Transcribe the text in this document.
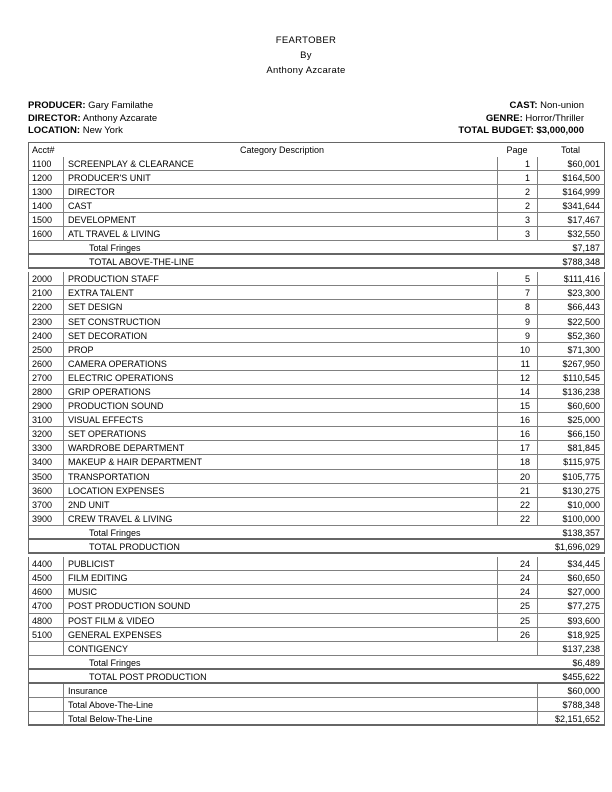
FEARTOBER
By
Anthony Azcarate
PRODUCER: Gary Familathe
DIRECTOR: Anthony Azcarate
LOCATION: New York
CAST: Non-union
GENRE: Horror/Thriller
TOTAL BUDGET: $3,000,000
Acct#	Category Description	Page	Total

1100	SCREENPLAY & CLEARANCE	1	$60,001

1200	PRODUCER'S UNIT	1	$164,500

1300	DIRECTOR	2	$164,999

1400	CAST	2	$341,644

1500	DEVELOPMENT	3	$17,467

1600	ATL TRAVEL & LIVING	3	$32,550

	Total Fringes		$7,187

	TOTAL ABOVE-THE-LINE		$788,348

2000	PRODUCTION STAFF	5	$111,416

2100	EXTRA TALENT	7	$23,300

2200	SET DESIGN	8	$66,443

2300	SET CONSTRUCTION	9	$22,500

2400	SET DECORATION	9	$52,360

2500	PROP	10	$71,300

2600	CAMERA OPERATIONS	11	$267,950

2700	ELECTRIC OPERATIONS	12	$110,545

2800	GRIP OPERATIONS	14	$136,238

2900	PRODUCTION SOUND	15	$60,600

3100	VISUAL EFFECTS	16	$25,000

3200	SET OPERATIONS	16	$66,150

3300	WARDROBE DEPARTMENT	17	$81,845

3400	MAKEUP & HAIR DEPARTMENT	18	$115,975

3500	TRANSPORTATION	20	$105,775

3600	LOCATION EXPENSES	21	$130,275

3700	2ND UNIT	22	$10,000

3900	CREW TRAVEL & LIVING	22	$100,000

	Total Fringes		$138,357

	TOTAL PRODUCTION		$1,696,029

4400	PUBLICIST	24	$34,445

4500	FILM EDITING	24	$60,650

4600	MUSIC	24	$27,000

4700	POST PRODUCTION SOUND	25	$77,275

4800	POST FILM & VIDEO	25	$93,600

5100	GENERAL EXPENSES	26	$18,925

	CONTIGENCY		$137,238

	Total Fringes		$6,489

	TOTAL POST PRODUCTION		$455,622

	Insurance		$60,000

	Total Above-The-Line		$788,348

	Total Below-The-Line		$2,151,652
